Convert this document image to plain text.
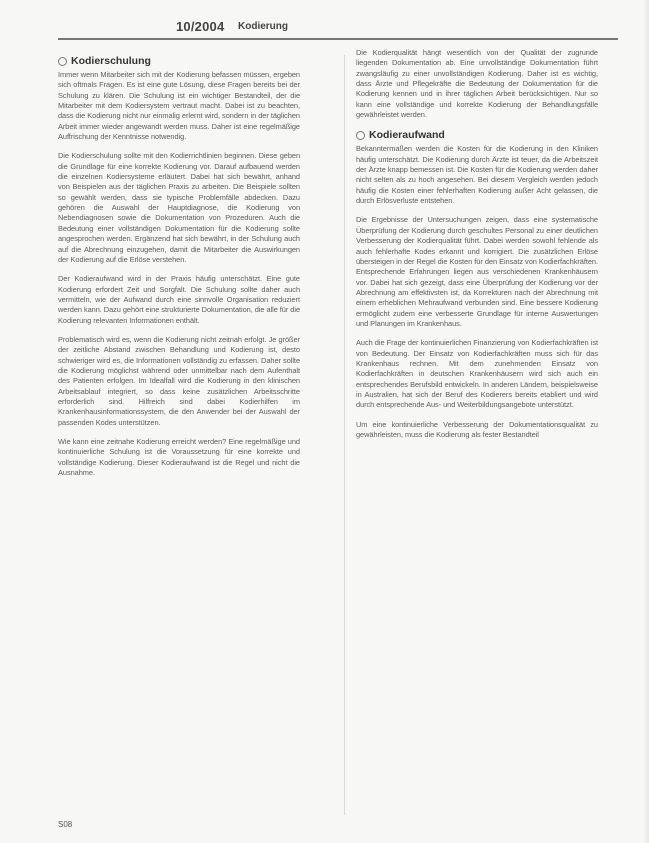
10/2004 Kodierung
Kodierschulung

Immer wenn Mitarbeiter sich mit der Kodierung befassen müssen, ergeben sich oftmals Fragen. Es ist eine gute Lösung, diese Fragen bereits bei der Schulung zu klären. Die Schulung ist ein wichtiger Bestandteil, der die Mitarbeiter mit dem Kodiersystem vertraut macht. Dabei ist zu beachten, dass die Kodierung nicht nur einmalig erlernt wird, sondern in der täglichen Arbeit immer wieder angewandt werden muss. Daher ist eine regelmäßige Auffrischung der Kenntnisse notwendig.

Die Kodierschulung sollte mit den Kodierrichtlinien beginnen. Diese geben die Grundlage für eine korrekte Kodierung vor. Darauf aufbauend werden die einzelnen Kodiersysteme erläutert. Dabei hat sich bewährt, anhand von Beispielen aus der täglichen Praxis zu arbeiten. Die Beispiele sollten so gewählt werden, dass sie typische Problemfälle abdecken. Dazu gehören die Auswahl der Hauptdiagnose, die Kodierung von Nebendiagnosen sowie die Dokumentation von Prozeduren. Auch die Bedeutung einer vollständigen Dokumentation für die Kodierung sollte angesprochen werden. Ergänzend hat sich bewährt, in der Schulung auch auf die Abrechnung einzugehen, damit die Mitarbeiter die Auswirkungen der Kodierung auf die Erlöse verstehen.

Der Kodieraufwand wird in der Praxis häufig unterschätzt. Eine gute Kodierung erfordert Zeit und Sorgfalt. Die Schulung sollte daher auch vermitteln, wie der Aufwand durch eine sinnvolle Organisation reduziert werden kann. Dazu gehört eine strukturierte Dokumentation, die alle für die Kodierung relevanten Informationen enthält.

Problematisch wird es, wenn die Kodierung nicht zeitnah erfolgt. Je größer der zeitliche Abstand zwischen Behandlung und Kodierung ist, desto schwieriger wird es, die Informationen vollständig zu erfassen. Daher sollte die Kodierung möglichst während oder unmittelbar nach dem Aufenthalt des Patienten erfolgen. Im Idealfall wird die Kodierung in den klinischen Arbeitsablauf integriert, so dass keine zusätzlichen Arbeitsschritte erforderlich sind. Hilfreich sind dabei Kodierhilfen im Krankenhausinformationssystem, die den Anwender bei der Auswahl der passenden Kodes unterstützen.

Wie kann eine zeitnahe Kodierung erreicht werden? Eine regelmäßige und kontinuierliche Schulung ist die Voraussetzung für eine korrekte und vollständige Kodierung. Dieser Kodieraufwand ist die Regel und nicht die Ausnahme.

Die Kodierqualität hängt wesentlich von der Qualität der zugrunde liegenden Dokumentation ab. Eine unvollständige Dokumentation führt zwangsläufig zu einer unvollständigen Kodierung. Daher ist es wichtig, dass Ärzte und Pflegekräfte die Bedeutung der Dokumentation für die Kodierung kennen und in ihrer täglichen Arbeit berücksichtigen. Nur so kann eine vollständige und korrekte Kodierung der Behandlungsfälle gewährleistet werden.

Kodieraufwand

Bekanntermaßen werden die Kosten für die Kodierung in den Kliniken häufig unterschätzt. Die Kodierung durch Ärzte ist teuer, da die Arbeitszeit der Ärzte knapp bemessen ist. Die Kosten für die Kodierung werden daher nicht selten als zu hoch angesehen. Bei diesem Vergleich werden jedoch häufig die Kosten einer fehlerhaften Kodierung außer Acht gelassen, die durch Erlösverluste entstehen.

Die Ergebnisse der Untersuchungen zeigen, dass eine systematische Überprüfung der Kodierung durch geschultes Personal zu einer deutlichen Verbesserung der Kodierqualität führt. Dabei werden sowohl fehlende als auch fehlerhafte Kodes erkannt und korrigiert. Die zusätzlichen Erlöse übersteigen in der Regel die Kosten für den Einsatz von Kodierfachkräften. Entsprechende Erfahrungen liegen aus verschiedenen Krankenhäusern vor. Dabei hat sich gezeigt, dass eine Überprüfung der Kodierung vor der Abrechnung am effektivsten ist, da Korrekturen nach der Abrechnung mit einem erheblichen Mehraufwand verbunden sind. Eine bessere Kodierung ermöglicht zudem eine verbesserte Grundlage für interne Auswertungen und Planungen im Krankenhaus.

Auch die Frage der kontinuierlichen Finanzierung von Kodierfachkräften ist von Bedeutung. Der Einsatz von Kodierfachkräften muss sich für das Krankenhaus rechnen. Mit dem zunehmenden Einsatz von Kodierfachkräften in deutschen Krankenhäusern wird sich auch ein entsprechendes Berufsbild entwickeln. In anderen Ländern, beispielsweise in Australien, hat sich der Beruf des Kodierers bereits etabliert und wird durch entsprechende Aus- und Weiterbildungsangebote unterstützt.

Um eine kontinuierliche Verbesserung der Dokumentationsqualität zu gewährleisten, muss die Kodierung als fester Bestandteil

S08
